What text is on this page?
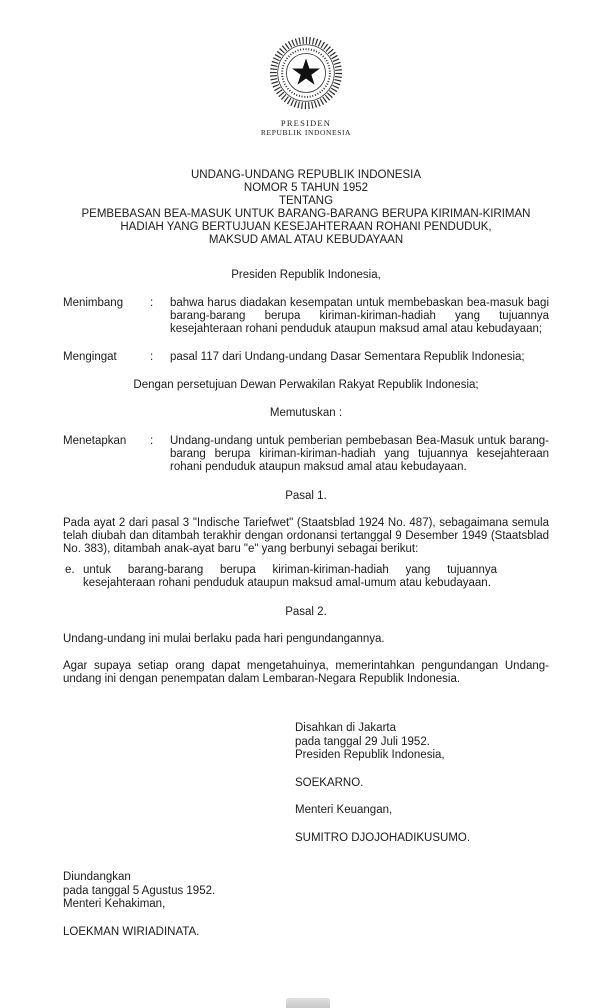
PRESIDEN
REPUBLIK INDONESIA
UNDANG-UNDANG REPUBLIK INDONESIA
NOMOR 5 TAHUN 1952
TENTANG
PEMBEBASAN BEA-MASUK UNTUK BARANG-BARANG BERUPA KIRIMAN-KIRIMAN
HADIAH YANG BERTUJUAN KESEJAHTERAAN ROHANI PENDUDUK,
MAKSUD AMAL ATAU KEBUDAYAAN
Presiden Republik Indonesia,
Menimbang	:	bahwa harus diadakan kesempatan untuk membebaskan bea-masuk bagi barang-barang berupa kiriman-kiriman-hadiah yang tujuannya kesejahteraan rohani penduduk ataupun maksud amal atau kebudayaan;
Mengingat	:	pasal 117 dari Undang-undang Dasar Sementara Republik Indonesia;
Dengan persetujuan Dewan Perwakilan Rakyat Republik Indonesia;
Memutuskan :
Menetapkan	:	Undang-undang untuk pemberian pembebasan Bea-Masuk untuk barang-barang berupa kiriman-kiriman-hadiah yang tujuannya kesejahteraan rohani penduduk ataupun maksud amal atau kebudayaan.
Pasal 1.
Pada ayat 2 dari pasal 3 "Indische Tariefwet" (Staatsblad 1924 No. 487), sebagaimana semula telah diubah dan ditambah terakhir dengan ordonansi tertanggal 9 Desember 1949 (Staatsblad No. 383), ditambah anak-ayat baru "e" yang berbunyi sebagai berikut:
e. untuk barang-barang berupa kiriman-kiriman-hadiah yang tujuannya kesejahteraan rohani penduduk ataupun maksud amal-umum atau kebudayaan.
Pasal 2.
Undang-undang ini mulai berlaku pada hari pengundangannya.
Agar supaya setiap orang dapat mengetahuinya, memerintahkan pengundangan Undang-undang ini dengan penempatan dalam Lembaran-Negara Republik Indonesia.
Disahkan di Jakarta
pada tanggal 29 Juli 1952.
Presiden Republik Indonesia,
SOEKARNO.
Menteri Keuangan,
SUMITRO DJOJOHADIKUSUMO.
Diundangkan
pada tanggal 5 Agustus 1952.
Menteri Kehakiman,
LOEKMAN WIRIADINATA.
